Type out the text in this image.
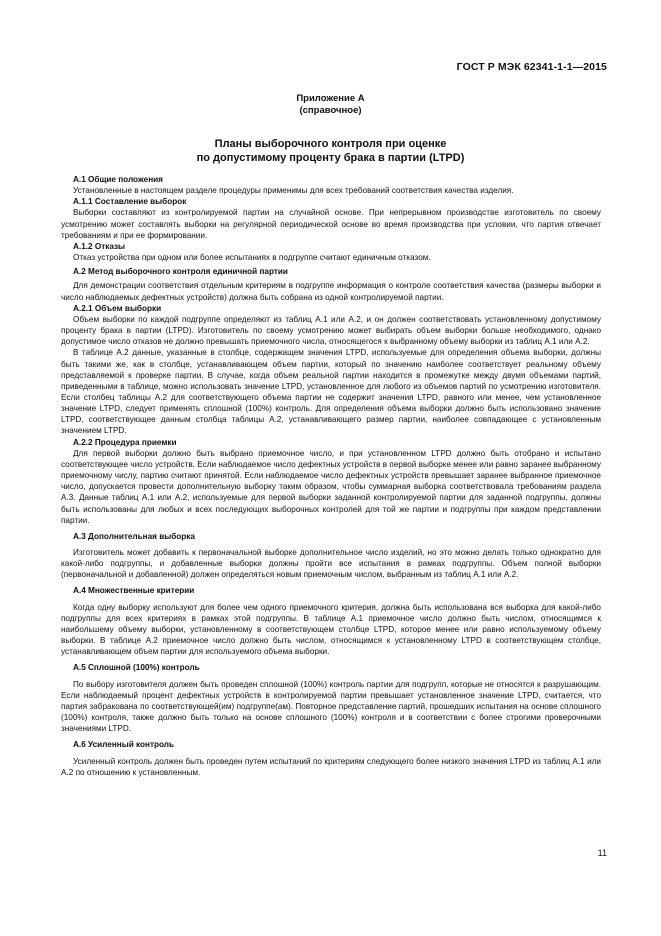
ГОСТ Р МЭК 62341-1-1—2015
Приложение А
(справочное)
Планы выборочного контроля при оценке
по допустимому проценту брака в партии (LTPD)
А.1 Общие положения

Установленные в настоящем разделе процедуры применимы для всех требований соответствия качества изделия.

А.1.1 Составление выборок

Выборки составляют из контролируемой партии на случайной основе. При непрерывном производстве изготовитель по своему усмотрению может составлять выборки на регулярной периодической основе во время производства при условии, что партия отвечает требованиям и при ее формировании.

А.1.2 Отказы

Отказ устройства при одном или более испытаниях в подгруппе считают единичным отказом.

А.2 Метод выборочного контроля единичной партии

Для демонстрации соответствия отдельным критериям в подгруппе информация о контроле соответствия качества (размеры выборки и число наблюдаемых дефектных устройств) должна быть собрана из одной контролируемой партии.

А.2.1 Объем выборки

Объем выборки по каждой подгруппе определяют из таблиц А.1 или А.2, и он должен соответствовать установленному допустимому проценту брака в партии (LTPD). Изготовитель по своему усмотрению может выбирать объем выборки больше необходимого, однако допустимое число отказов не должно превышать приемочного числа, относящегося к выбранному объему выборки из таблиц А.1 или А.2.

В таблице А.2 данные, указанные в столбце, содержащем значения LTPD, используемые для определения объема выборки, должны быть такими же, как в столбце, устанавливающем объем партии, который по значению наиболее соответствует реальному объему представляемой к проверке партии. В случае, когда объем реальной партии находится в промежутке между двумя объемами партий, приведенными в таблице, можно использовать значение LTPD, установленное для любого из объемов партий по усмотрению изготовителя. Если столбец таблицы А.2 для соответствующего объема партии не содержит значения LTPD, равного или менее, чем установленное значение LTPD, следует применять сплошной (100%) контроль. Для определения объема выборки должно быть использовано значение LTPD, соответствующее данным столбца таблицы А.2, устанавливающего размер партии, наиболее совпадающее с установленным значением LTPD.

А.2.2 Процедура приемки

Для первой выборки должно быть выбрано приемочное число, и при установленном LTPD должно быть отобрано и испытано соответствующее число устройств. Если наблюдаемое число дефектных устройств в первой выборке менее или равно заранее выбранному приемочному числу, партию считают принятой. Если наблюдаемое число дефектных устройств превышает заранее выбранное приемочное число, допускается провести дополнительную выборку таким образом, чтобы суммарная выборка соответствовала требованиям раздела А.3. Данные таблиц А.1 или А.2, используемые для первой выборки заданной контролируемой партии для заданной подгруппы, должны быть использованы для любых и всех последующих выборочных контролей для той же партии и подгруппы при каждом представлении партии.

А.3 Дополнительная выборка

Изготовитель может добавить к первоначальной выборке дополнительное число изделий, но это можно делать только однократно для какой-либо подгруппы, и добавленные выборки должны пройти все испытания в рамках подгруппы. Объем полной выборки (первоначальной и добавленной) должен определяться новым приемочным числом, выбранным из таблиц А.1 или А.2.

А.4 Множественные критерии

Когда одну выборку используют для более чем одного приемочного критерия, должна быть использована вся выборка для какой-либо подгруппы для всех критериях в рамках этой подгруппы. В таблице А.1 приемочное число должно быть числом, относящимся к наибольшему объему выборки, установленному в соответствующем столбце LTPD, которое менее или равно используемому объему выборки. В таблице А.2 приемочное число должно быть числом, относящимся к установленному LTPD в соответствующем столбце, устанавливающем объем партии для используемого объема выборки.

А.5 Сплошной (100%) контроль

По выбору изготовителя должен быть проведен сплошной (100%) контроль партии для подгрупп, которые не относятся к разрушающим. Если наблюдаемый процент дефектных устройств в контролируемой партии превышает установленное значение LTPD, считается, что партия забракована по соответствующей(им) подгруппе(ам). Повторное представление партий, прошедших испытания на основе сплошного (100%) контроля, также должно быть только на основе сплошного (100%) контроля и в соответствии с более строгими проверочными значениями LTPD.

А.6 Усиленный контроль

Усиленный контроль должен быть проведен путем испытаний по критериям следующего более низкого значения LTPD из таблиц А.1 или А.2 по отношению к установленным.

11
